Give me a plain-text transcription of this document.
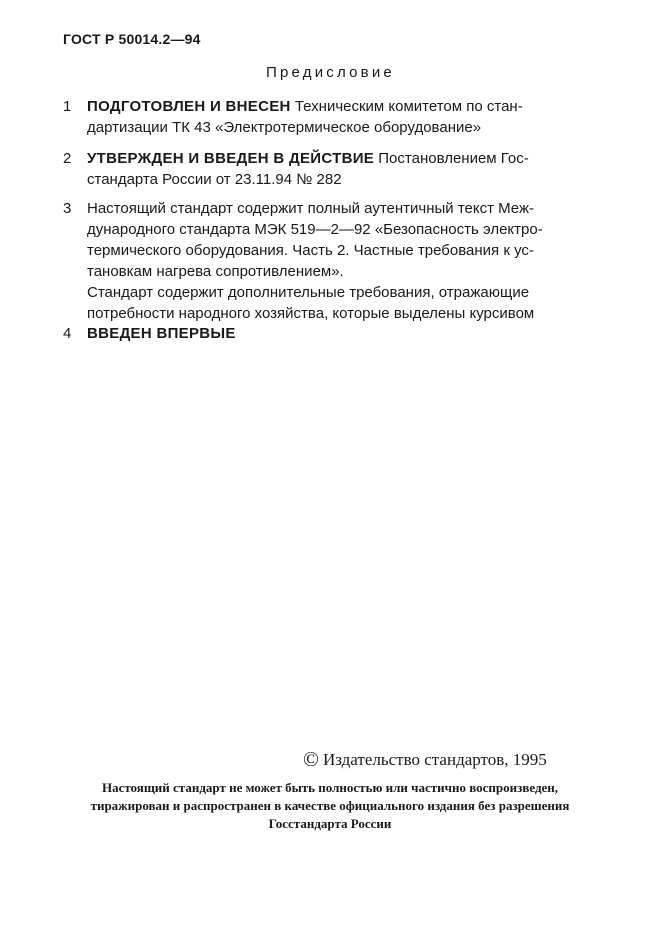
ГОСТ Р 50014.2—94
Предисловие
1 ПОДГОТОВЛЕН И ВНЕСЕН Техническим комитетом по стан-
дартизации ТК 43 «Электротермическое оборудование»
2 УТВЕРЖДЕН И ВВЕДЕН В ДЕЙСТВИЕ Постановлением Гос-
стандарта России от 23.11.94 № 282
3 Настоящий стандарт содержит полный аутентичный текст Меж-
дународного стандарта МЭК 519—2—92 «Безопасность электро-
термического оборудования. Часть 2. Частные требования к ус-
тановкам нагрева сопротивлением».
Стандарт содержит дополнительные требования, отражающие
потребности народного хозяйства, которые выделены курсивом
4 ВВЕДЕН ВПЕРВЫЕ
© Издательство стандартов, 1995
Настоящий стандарт не может быть полностью или частично воспроизведен,
тиражирован и распространен в качестве официального издания без разрешения
Госстандарта России
